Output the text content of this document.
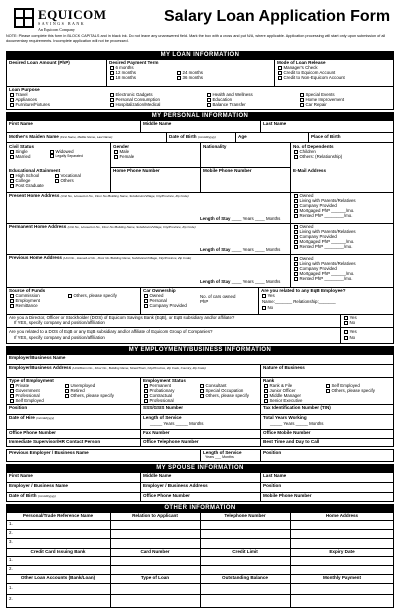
EQUICOM
SAVINGS BANK
An Equicom Company
Salary Loan Application Form
NOTE: Please complete this form in BLOCK CAPITALS and in black ink. Do not leave any unanswered field. Mark the box with a cross and put N/A, where applicable. Application processing will start only upon submission of all documentary requirements. Incomplete application will not be processed.
MY LOAN INFORMATION
Desired Loan Amount (PhP)	Desired Payment Term
6 months
12 months
18 months
24 months
36 months
Mode of Loan Release
Manager's Check
Credit to Equicom Account
Credit to Non-Equicom Account
Loan Purpose
Travel
Appliances
Furniture/Fixtures
Electronic Gadgets
Personal Consumption
Hospitalization/Medical
Health and Wellness
Education
Balance Transfer
Special Events
Home Improvement
Car Repair
MY PERSONAL INFORMATION
First Name	Middle Name	Last Name
Mother's Maiden Name (First Name, Middle Name, Last Name)	Date of Birth (mm/dd/yyyy)	Age	Place of Birth
Civil Status
Single
Married
Widowed
Legally Separated
Gender
Male
Female
Nationality	No. of Dependents
Children
Others: (Relationship)
Educational Attainment
High School
College
Post Graduate
Vocational
Others
Home Phone Number	Mobile Phone Number	E-Mail Address
Present Home Address (Unit No., House/Lot No., Floor No./Building Name, Subdivision/Village, City/Province, Zip Code)
Length of Stay ____ Years ____ Months
Owned
Living with Parents/Relatives
Company Provided
Mortgaged PhP ______/mo.
Rented PhP ________/mo.
Permanent Home Address (Unit No., House/Lot No., Floor No./Building Name, Subdivision/Village, City/Province, Zip Code)
Length of Stay ____ Years ____ Months
Owned
Living with Parents/Relatives
Company Provided
Mortgaged PhP ______/mo.
Rented PhP ________/mo.
Previous Home Address (Unit No., House/Lot No., Floor No./Building Name, Subdivision/Village, City/Province, Zip Code)
Length of Stay ____ Years ____ Months
Owned
Living with Parents/Relatives
Company Provided
Mortgaged PhP ______/mo.
Rented PhP ________/mo.
Source of Funds
Commission
Employment
Remittance
Others, please specify
Car Ownership
Owned
Personal
Company Provided
No. of cars owned
PhP
Are you related to any EqB Employee?
Yes
Name:_______ Relationship:_______
No
Are you a Director, Officer or Stockholder (DOS) of Equicom Savings Bank (EqB), or EqB subsidiary and/or affiliate?
If YES, specify company and position/affiliation
Yes
No
Are you related to a DOS of EqB or any EqB subsidiary and/or affiliate of Equicom Group of Companies?
If YES, specify company and position/affiliation
Yes
No
MY EMPLOYMENT/BUSINESS INFORMATION
Employer/Business Name
Employer/Business Address (Unit/Room No., Floor No., Building Name, Street/Town, City/Province, Zip Code, Country, Zip Code)	Nature of Business
Type of Employment
Private
Government
Professional
Self Employed
Unemployed
Retired
Others, please specify
Employment Status
Permanent
Probationary
Contractual
Professional
Consultant
Special Occupation
Others, please specify
Rank
Rank & File
Junior Officer
Middle Manager
Senior Executive
Self Employed
Others, please specify
Position	SSS/GSIS Number	Tax Identification Number (TIN)
Date of Hire (mm/dd/yyyy)	Length of Service
_____ Years _____ Months
Total Years Working
_____ Years _____ Months
Office Phone Number	Fax Number	Office Mobile Number
Immediate Supervisor/HR Contact Person	Office Telephone Number	Best Time and Day to Call
Previous Employer / Business Name	Length of Service
Years ___ Months
Position
MY SPOUSE INFORMATION
First Name	Middle Name	Last Name
Employer / Business Name	Employer / Business Address	Position
Date of Birth (mm/dd/yyyy)	Office Phone Number	Mobile Phone Number
OTHER INFORMATION
Personal/Trade Reference Name	Relation to Applicant	Telephone Number	Home Address
1.
2.
3.
Credit Card Issuing Bank	Card Number	Credit Limit	Expiry Date
1.
2.
Other Loan Accounts (Bank/Loan)	Type of Loan	Outstanding Balance	Monthly Payment
1.
2.
